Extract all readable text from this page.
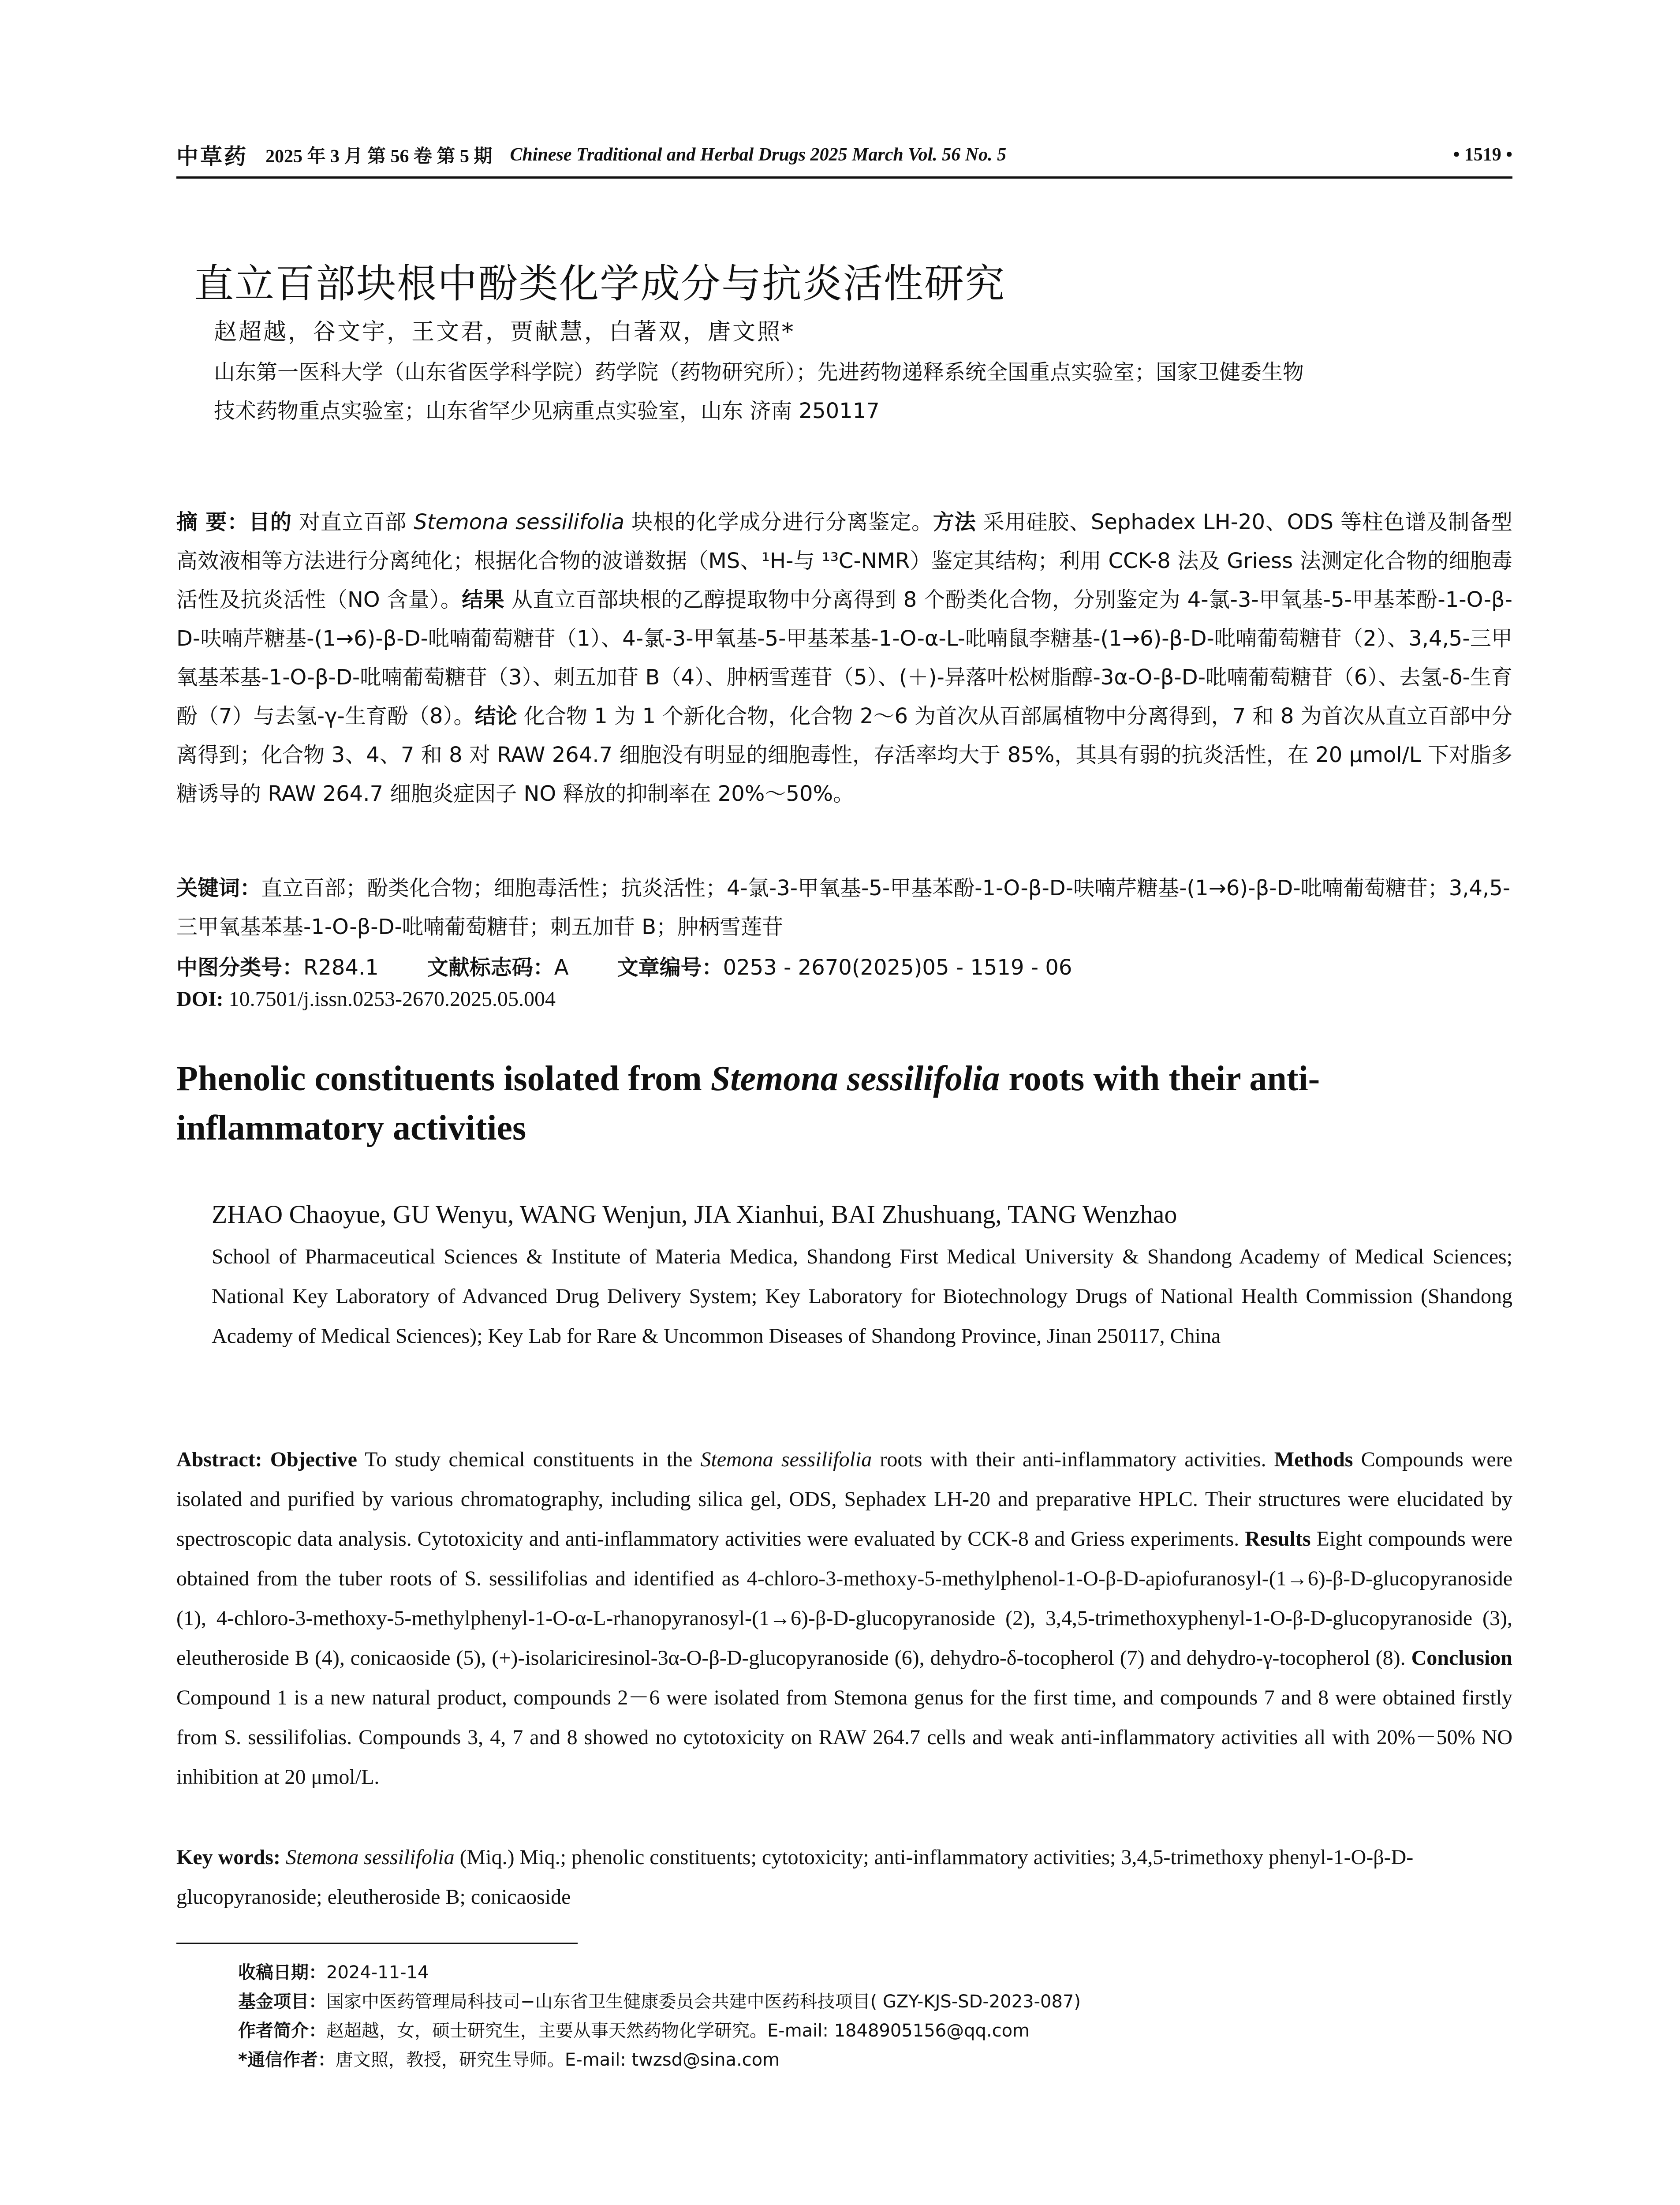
中草药 2025 年 3 月 第 56 卷 第 5 期 Chinese Traditional and Herbal Drugs 2025 March Vol. 56 No. 5	• 1519 •
直立百部块根中酚类化学成分与抗炎活性研究
赵超越，谷文宇，王文君，贾献慧，白著双，唐文照*
山东第一医科大学（山东省医学科学院）药学院（药物研究所）；先进药物递释系统全国重点实验室；国家卫健委生物
技术药物重点实验室；山东省罕少见病重点实验室，山东 济南 250117
摘 要：目的 对直立百部 Stemona sessilifolia 块根的化学成分进行分离鉴定。方法 采用硅胶、Sephadex LH-20、ODS 等柱色谱及制备型高效液相等方法进行分离纯化；根据化合物的波谱数据（MS、¹H-与 ¹³C-NMR）鉴定其结构；利用 CCK-8 法及 Griess 法测定化合物的细胞毒活性及抗炎活性（NO 含量）。结果 从直立百部块根的乙醇提取物中分离得到 8 个酚类化合物，分别鉴定为 4-氯-3-甲氧基-5-甲基苯酚-1-O-β-D-呋喃芹糖基-(1→6)-β-D-吡喃葡萄糖苷（1）、4-氯-3-甲氧基-5-甲基苯基-1-O-α-L-吡喃鼠李糖基-(1→6)-β-D-吡喃葡萄糖苷（2）、3,4,5-三甲氧基苯基-1-O-β-D-吡喃葡萄糖苷（3）、刺五加苷 B（4）、肿柄雪莲苷（5）、(＋)-异落叶松树脂醇-3α-O-β-D-吡喃葡萄糖苷（6）、去氢-δ-生育酚（7）与去氢-γ-生育酚（8）。结论 化合物 1 为 1 个新化合物，化合物 2～6 为首次从百部属植物中分离得到，7 和 8 为首次从直立百部中分离得到；化合物 3、4、7 和 8 对 RAW 264.7 细胞没有明显的细胞毒性，存活率均大于 85%，其具有弱的抗炎活性，在 20 μmol/L 下对脂多糖诱导的 RAW 264.7 细胞炎症因子 NO 释放的抑制率在 20%～50%。
关键词：直立百部；酚类化合物；细胞毒活性；抗炎活性；4-氯-3-甲氧基-5-甲基苯酚-1-O-β-D-呋喃芹糖基-(1→6)-β-D-吡喃葡萄糖苷；3,4,5-三甲氧基苯基-1-O-β-D-吡喃葡萄糖苷；刺五加苷 B；肿柄雪莲苷
中图分类号：R284.1 文献标志码：A 文章编号：0253 - 2670(2025)05 - 1519 - 06
DOI: 10.7501/j.issn.0253-2670.2025.05.004
Phenolic constituents isolated from Stemona sessilifolia roots with their anti-inflammatory activities
ZHAO Chaoyue, GU Wenyu, WANG Wenjun, JIA Xianhui, BAI Zhushuang, TANG Wenzhao
School of Pharmaceutical Sciences & Institute of Materia Medica, Shandong First Medical University & Shandong Academy of Medical Sciences; National Key Laboratory of Advanced Drug Delivery System; Key Laboratory for Biotechnology Drugs of National Health Commission (Shandong Academy of Medical Sciences); Key Lab for Rare & Uncommon Diseases of Shandong Province, Jinan 250117, China
Abstract: Objective To study chemical constituents in the Stemona sessilifolia roots with their anti-inflammatory activities. Methods Compounds were isolated and purified by various chromatography, including silica gel, ODS, Sephadex LH-20 and preparative HPLC. Their structures were elucidated by spectroscopic data analysis. Cytotoxicity and anti-inflammatory activities were evaluated by CCK-8 and Griess experiments. Results Eight compounds were obtained from the tuber roots of S. sessilifolias and identified as 4-chloro-3-methoxy-5-methylphenol-1-O-β-D-apiofuranosyl-(1→6)-β-D-glucopyranoside (1), 4-chloro-3-methoxy-5-methylphenyl-1-O-α-L-rhanopyranosyl-(1→6)-β-D-glucopyranoside (2), 3,4,5-trimethoxyphenyl-1-O-β-D-glucopyranoside (3), eleutheroside B (4), conicaoside (5), (+)-isolariciresinol-3α-O-β-D-glucopyranoside (6), dehydro-δ-tocopherol (7) and dehydro-γ-tocopherol (8). Conclusion Compound 1 is a new natural product, compounds 2－6 were isolated from Stemona genus for the first time, and compounds 7 and 8 were obtained firstly from S. sessilifolias. Compounds 3, 4, 7 and 8 showed no cytotoxicity on RAW 264.7 cells and weak anti-inflammatory activities all with 20%－50% NO inhibition at 20 μmol/L.
Key words: Stemona sessilifolia (Miq.) Miq.; phenolic constituents; cytotoxicity; anti-inflammatory activities; 3,4,5-trimethoxy phenyl-1-O-β-D-glucopyranoside; eleutheroside B; conicaoside
收稿日期：2024-11-14
基金项目：国家中医药管理局科技司−山东省卫生健康委员会共建中医药科技项目( GZY-KJS-SD-2023-087)
作者简介：赵超越，女，硕士研究生，主要从事天然药物化学研究。E-mail: 1848905156@qq.com
*通信作者：唐文照，教授，研究生导师。E-mail: twzsd@sina.com
